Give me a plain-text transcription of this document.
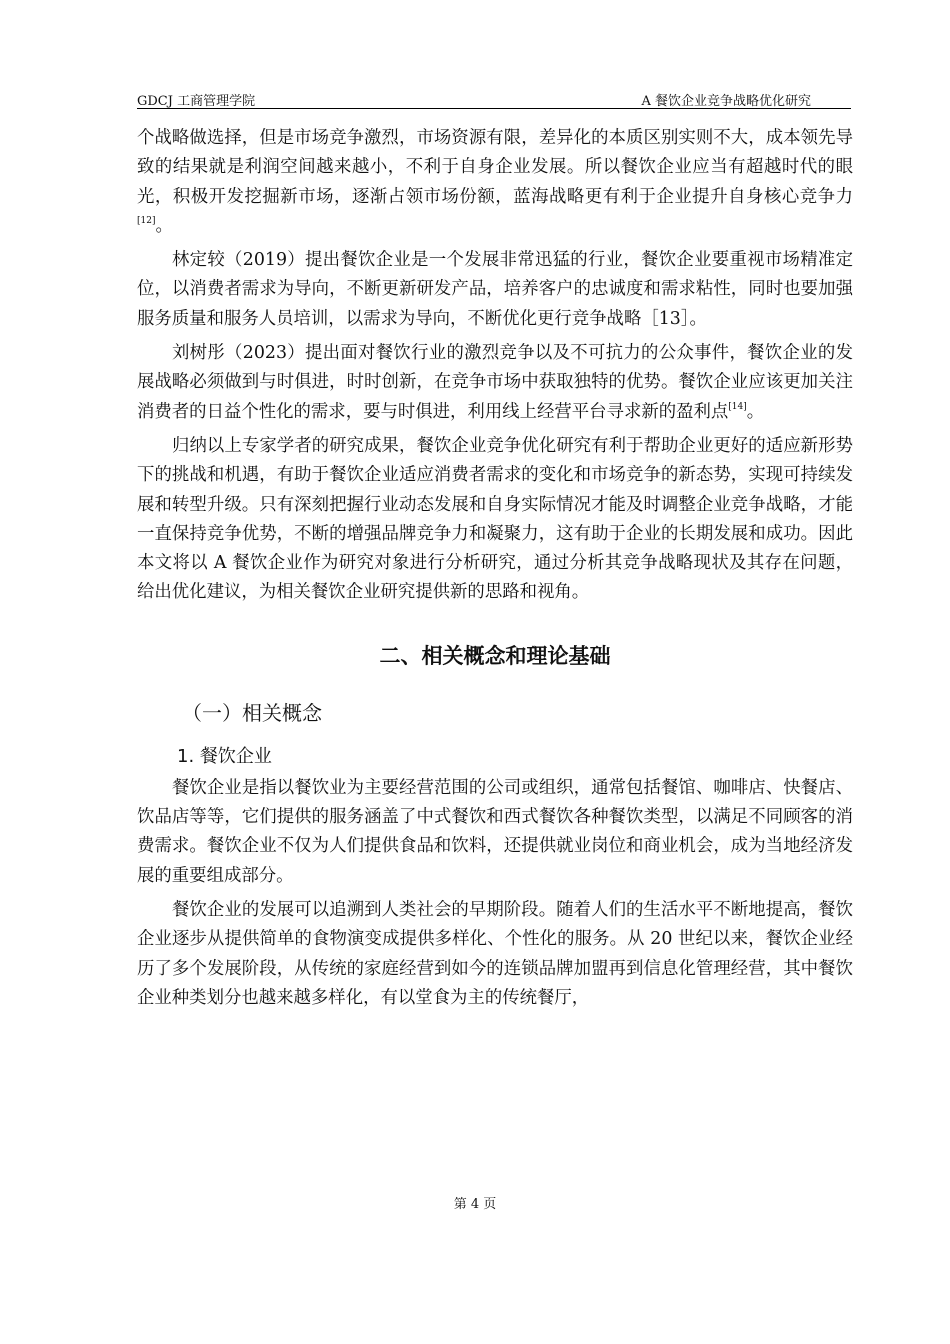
GDCJ 工商管理学院	A 餐饮企业竞争战略优化研究

个战略做选择，但是市场竞争激烈，市场资源有限，差异化的本质区别实则不大，成本领先导致的结果就是利润空间越来越小，不利于自身企业发展。所以餐饮企业应当有超越时代的眼光，积极开发挖掘新市场，逐渐占领市场份额，蓝海战略更有利于企业提升自身核心竞争力[12]。

林定较（2019）提出餐饮企业是一个发展非常迅猛的行业，餐饮企业要重视市场精准定位，以消费者需求为导向，不断更新研发产品，培养客户的忠诚度和需求粘性，同时也要加强服务质量和服务人员培训，以需求为导向，不断优化更行竞争战略［13］。

刘树彤（2023）提出面对餐饮行业的激烈竞争以及不可抗力的公众事件，餐饮企业的发展战略必须做到与时俱进，时时创新，在竞争市场中获取独特的优势。餐饮企业应该更加关注消费者的日益个性化的需求，要与时俱进，利用线上经营平台寻求新的盈利点[14]。

归纳以上专家学者的研究成果，餐饮企业竞争优化研究有利于帮助企业更好的适应新形势下的挑战和机遇，有助于餐饮企业适应消费者需求的变化和市场竞争的新态势，实现可持续发展和转型升级。只有深刻把握行业动态发展和自身实际情况才能及时调整企业竞争战略，才能一直保持竞争优势，不断的增强品牌竞争力和凝聚力，这有助于企业的长期发展和成功。因此本文将以 A 餐饮企业作为研究对象进行分析研究，通过分析其竞争战略现状及其存在问题，给出优化建议，为相关餐饮企业研究提供新的思路和视角。

二、相关概念和理论基础
（一）相关概念
1. 餐饮企业

餐饮企业是指以餐饮业为主要经营范围的公司或组织，通常包括餐馆、咖啡店、快餐店、饮品店等等，它们提供的服务涵盖了中式餐饮和西式餐饮各种餐饮类型，以满足不同顾客的消费需求。餐饮企业不仅为人们提供食品和饮料，还提供就业岗位和商业机会，成为当地经济发展的重要组成部分。

餐饮企业的发展可以追溯到人类社会的早期阶段。随着人们的生活水平不断地提高，餐饮企业逐步从提供简单的食物演变成提供多样化、个性化的服务。从 20 世纪以来，餐饮企业经历了多个发展阶段，从传统的家庭经营到如今的连锁品牌加盟再到信息化管理经营，其中餐饮企业种类划分也越来越多样化，有以堂食为主的传统餐厅，

第 4 页
